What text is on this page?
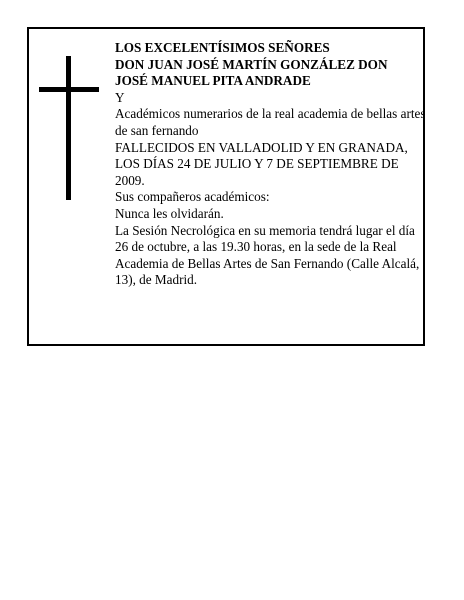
LOS EXCELENTÍSIMOS SEÑORES

DON JUAN JOSÉ MARTÍN GONZÁLEZ DON

JOSÉ MANUEL PITA ANDRADE

Y

Académicos numerarios de la real academia de bellas artes de san fernando

FALLECIDOS EN VALLADOLID Y EN GRANADA, LOS DÍAS 24 DE JULIO Y 7 DE SEPTIEMBRE DE 2009.

Sus compañeros académicos:

Nunca les olvidarán.

La Sesión Necrológica en su memoria tendrá lugar el día 26 de octubre, a las 19.30 horas, en la sede de la Real Academia de Bellas Artes de San Fernando (Calle Alcalá, 13), de Madrid.
